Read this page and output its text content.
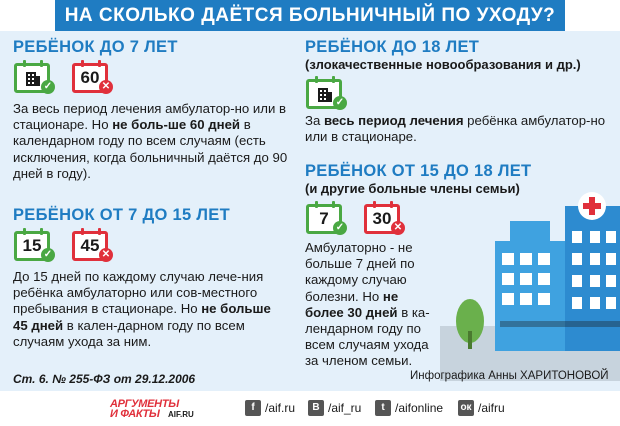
НА СКОЛЬКО ДАЁТСЯ БОЛЬНИЧНЫЙ ПО УХОДУ?
РЕБЁНОК ДО 7 ЛЕТ
✓	60 ✕
За весь период лечения амбулатор-но или в стационаре. Но не боль-ше 60 дней в календарном году по всем случаям (есть исключения, когда больничный даётся до 90 дней в году).
РЕБЁНОК ОТ 7 ДО 15 ЛЕТ
15 ✓	45 ✕
До 15 дней по каждому случаю лече-ния ребёнка амбулаторно или сов-местного пребывания в стационаре. Но не больше 45 дней в кален-дарном году по всем случаям ухода за ним.
РЕБЁНОК ДО 18 ЛЕТ
(злокачественные новообразования и др.)
✓
За весь период лечения ребёнка амбулатор-но или в стационаре.
РЕБЁНОК ОТ 15 ДО 18 ЛЕТ
(и другие больные члены семьи)
7 ✓	30 ✕
Амбулаторно - не больше 7 дней по каждому случаю болезни. Но не более 30 дней в ка-лендарном году по всем случаям ухода за членом семьи.
Ст. 6. № 255-ФЗ от 29.12.2006	Инфографика Анны ХАРИТОНОВОЙ
АРГУМЕНТЫ
И ФАКТЫ AIF.RU
f /aif.ru	В /aif_ru	t /aifonline ок /aifru
